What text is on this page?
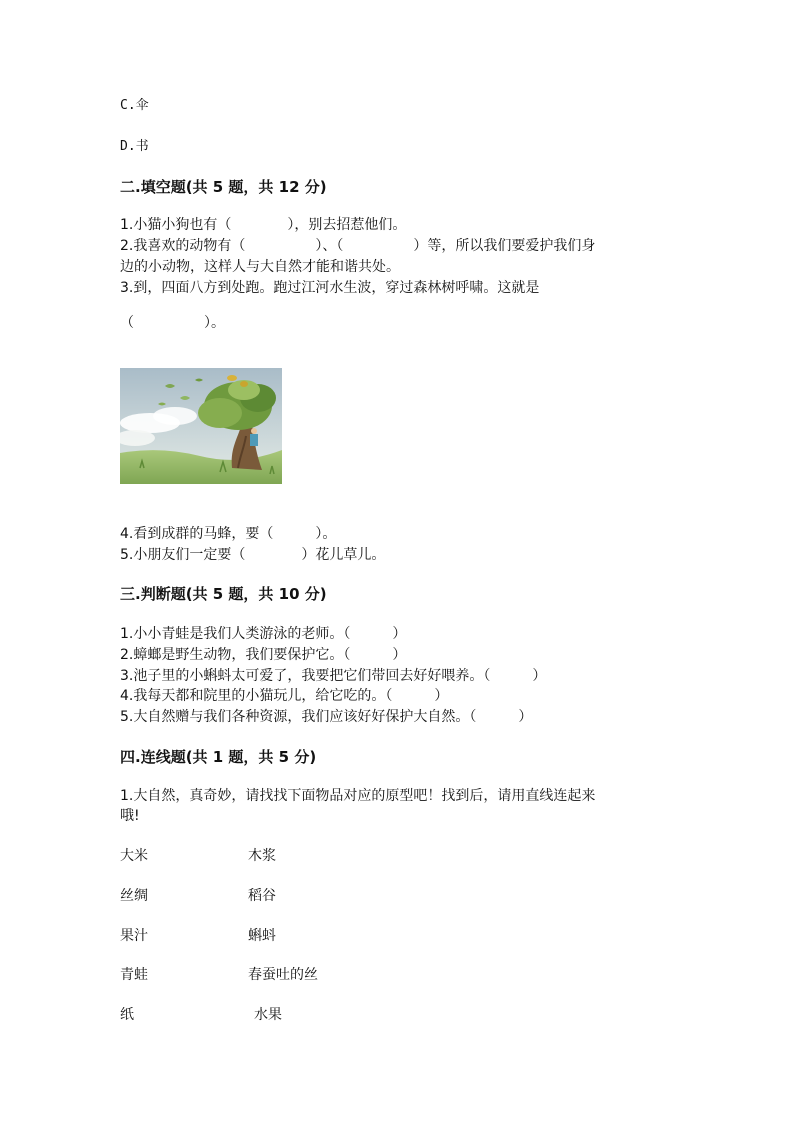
C.伞
D.书
二.填空题(共 5 题，共 12 分)
1.小猫小狗也有（　　　　），别去招惹他们。
2.我喜欢的动物有（　　　　　）、（　　　　　）等，所以我们要爱护我们身
边的小动物，这样人与大自然才能和谐共处。
3.到，四面八方到处跑。跑过江河水生波，穿过森林树呼啸。这就是
（　　　　　）。
4.看到成群的马蜂，要（　　　）。
5.小朋友们一定要（　　　　）花儿草儿。
三.判断题(共 5 题，共 10 分)
1.小小青蛙是我们人类游泳的老师。（　　　）
2.蟑螂是野生动物，我们要保护它。（　　　）
3.池子里的小蝌蚪太可爱了，我要把它们带回去好好喂养。（　　　）
4.我每天都和院里的小猫玩儿，给它吃的。（　　　）
5.大自然赠与我们各种资源，我们应该好好保护大自然。（　　　）
四.连线题(共 1 题，共 5 分)
1.大自然，真奇妙，请找找下面物品对应的原型吧！找到后，请用直线连起来
哦!
大米	木浆
丝绸	稻谷
果汁	蝌蚪
青蛙	春蚕吐的丝
纸	水果
